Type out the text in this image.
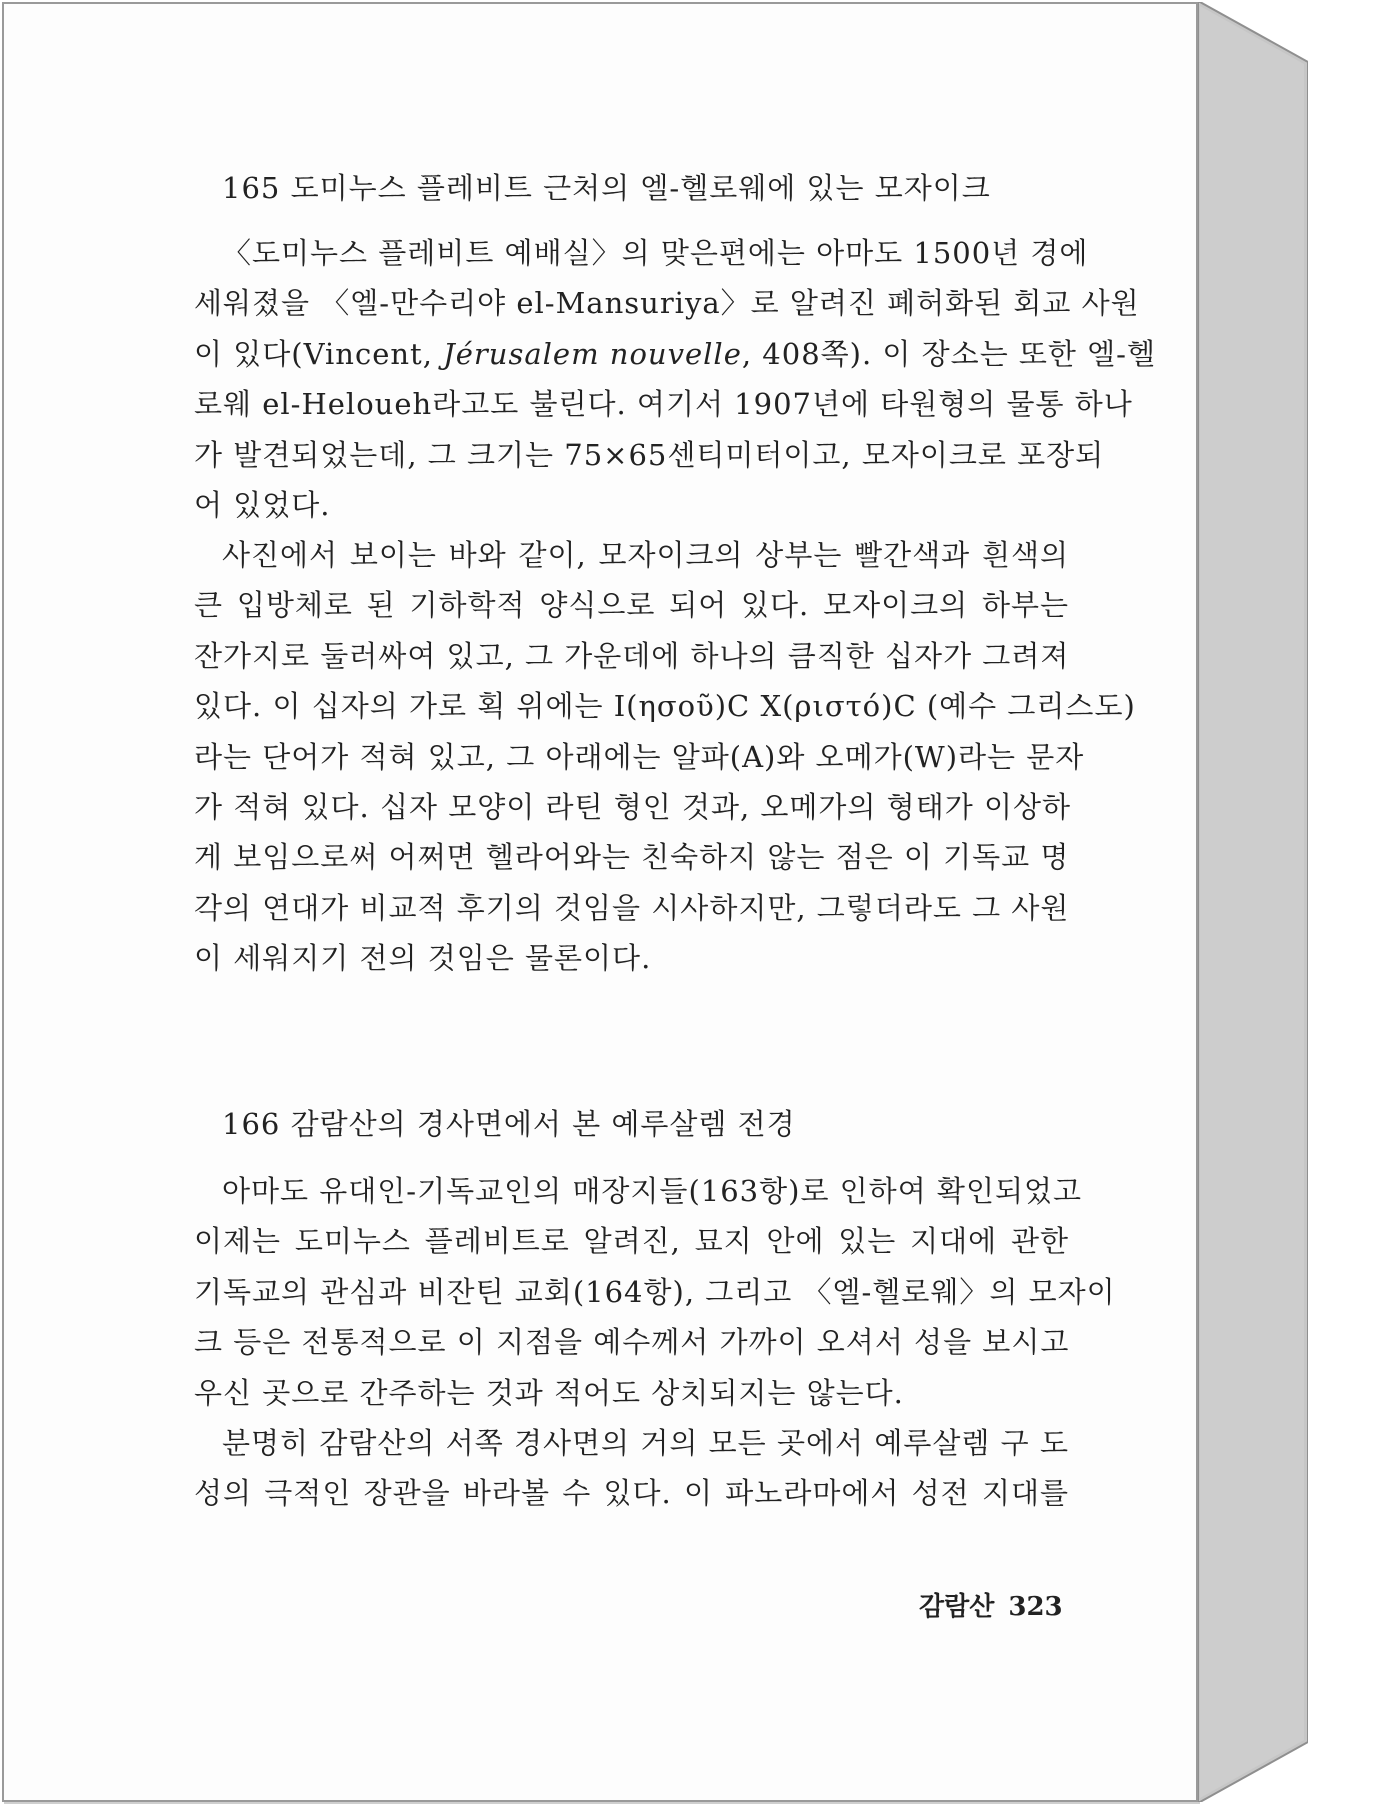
165 도미누스 플레비트 근처의 엘-헬로웨에 있는 모자이크
〈도미누스 플레비트 예배실〉의 맞은편에는 아마도 1500년 경에
세워졌을 〈엘-만수리야 el-Mansuriya〉로 알려진 폐허화된 회교 사원
이 있다(Vincent, Jérusalem nouvelle, 408쪽). 이 장소는 또한 엘-헬
로웨 el-Heloueh라고도 불린다. 여기서 1907년에 타원형의 물통 하나
가 발견되었는데, 그 크기는 75×65센티미터이고, 모자이크로 포장되
어 있었다.
사진에서 보이는 바와 같이, 모자이크의 상부는 빨간색과 흰색의
큰 입방체로 된 기하학적 양식으로 되어 있다. 모자이크의 하부는
잔가지로 둘러싸여 있고, 그 가운데에 하나의 큼직한 십자가 그려져
있다. 이 십자의 가로 획 위에는 I(ησοῦ)C X(ριστό)C (예수 그리스도)
라는 단어가 적혀 있고, 그 아래에는 알파(A)와 오메가(W)라는 문자
가 적혀 있다. 십자 모양이 라틴 형인 것과, 오메가의 형태가 이상하
게 보임으로써 어쩌면 헬라어와는 친숙하지 않는 점은 이 기독교 명
각의 연대가 비교적 후기의 것임을 시사하지만, 그렇더라도 그 사원
이 세워지기 전의 것임은 물론이다.
166 감람산의 경사면에서 본 예루살렘 전경
아마도 유대인-기독교인의 매장지들(163항)로 인하여 확인되었고
이제는 도미누스 플레비트로 알려진, 묘지 안에 있는 지대에 관한
기독교의 관심과 비잔틴 교회(164항), 그리고 〈엘-헬로웨〉의 모자이
크 등은 전통적으로 이 지점을 예수께서 가까이 오셔서 성을 보시고
우신 곳으로 간주하는 것과 적어도 상치되지는 않는다.
분명히 감람산의 서쪽 경사면의 거의 모든 곳에서 예루살렘 구 도
성의 극적인 장관을 바라볼 수 있다. 이 파노라마에서 성전 지대를
감람산 323
